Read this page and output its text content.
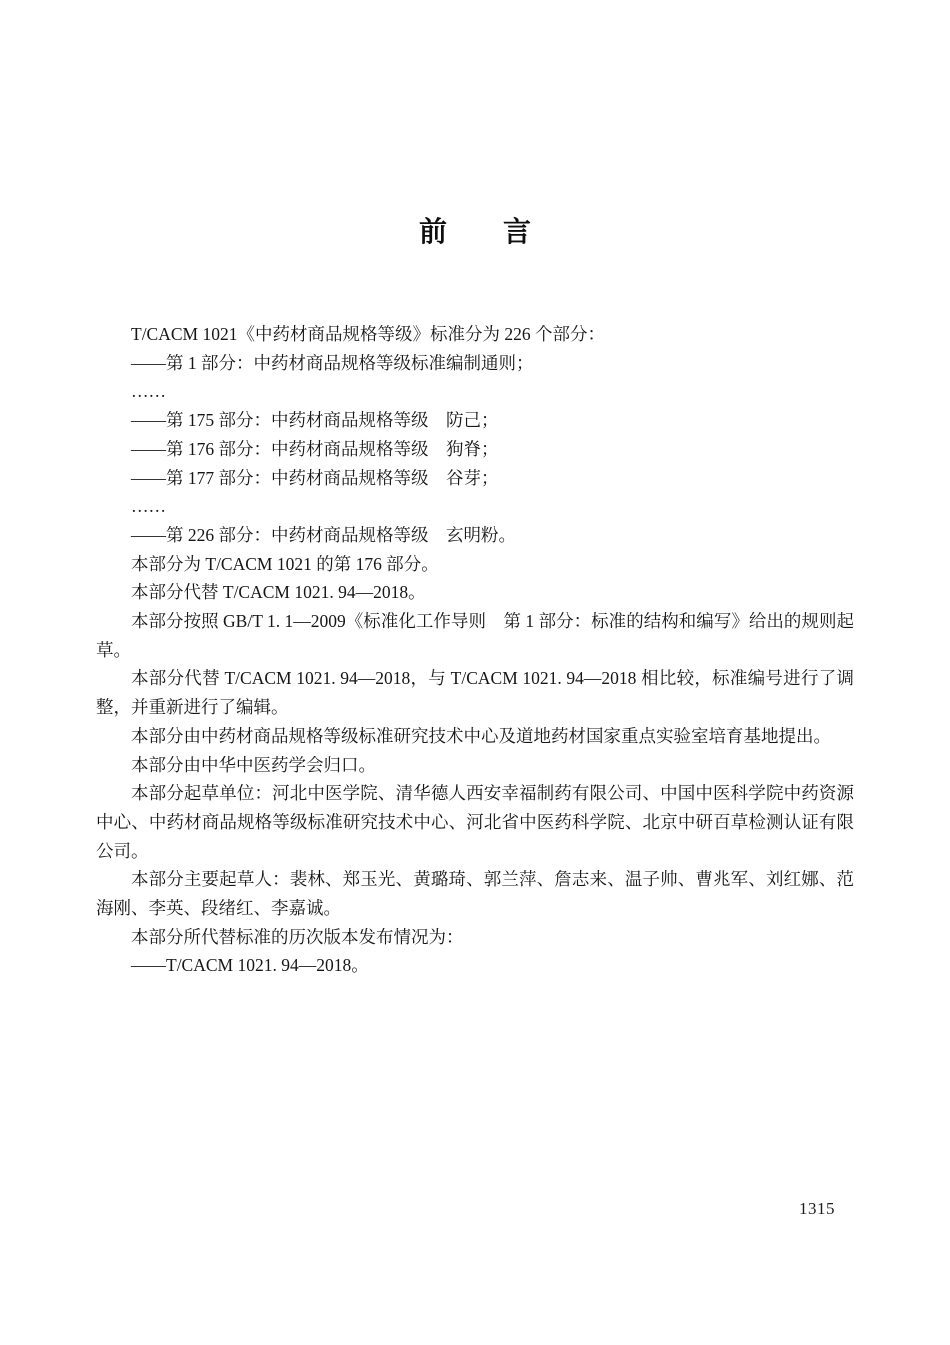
前　　言

T/CACM 1021《中药材商品规格等级》标准分为 226 个部分：

——第 1 部分：中药材商品规格等级标准编制通则；

……

——第 175 部分：中药材商品规格等级　防己；

——第 176 部分：中药材商品规格等级　狗脊；

——第 177 部分：中药材商品规格等级　谷芽；

……

——第 226 部分：中药材商品规格等级　玄明粉。

本部分为 T/CACM 1021 的第 176 部分。

本部分代替 T/CACM 1021. 94—2018。

本部分按照 GB/T 1. 1—2009《标准化工作导则　第 1 部分：标准的结构和编写》给出的规则起草。

本部分代替 T/CACM 1021. 94—2018，与 T/CACM 1021. 94—2018 相比较，标准编号进行了调整，并重新进行了编辑。

本部分由中药材商品规格等级标准研究技术中心及道地药材国家重点实验室培育基地提出。

本部分由中华中医药学会归口。

本部分起草单位：河北中医学院、清华德人西安幸福制药有限公司、中国中医科学院中药资源中心、中药材商品规格等级标准研究技术中心、河北省中医药科学院、北京中研百草检测认证有限公司。

本部分主要起草人：裴林、郑玉光、黄璐琦、郭兰萍、詹志来、温子帅、曹兆军、刘红娜、范海刚、李英、段绪红、李嘉诚。

本部分所代替标准的历次版本发布情况为：

——T/CACM 1021. 94—2018。

1315
